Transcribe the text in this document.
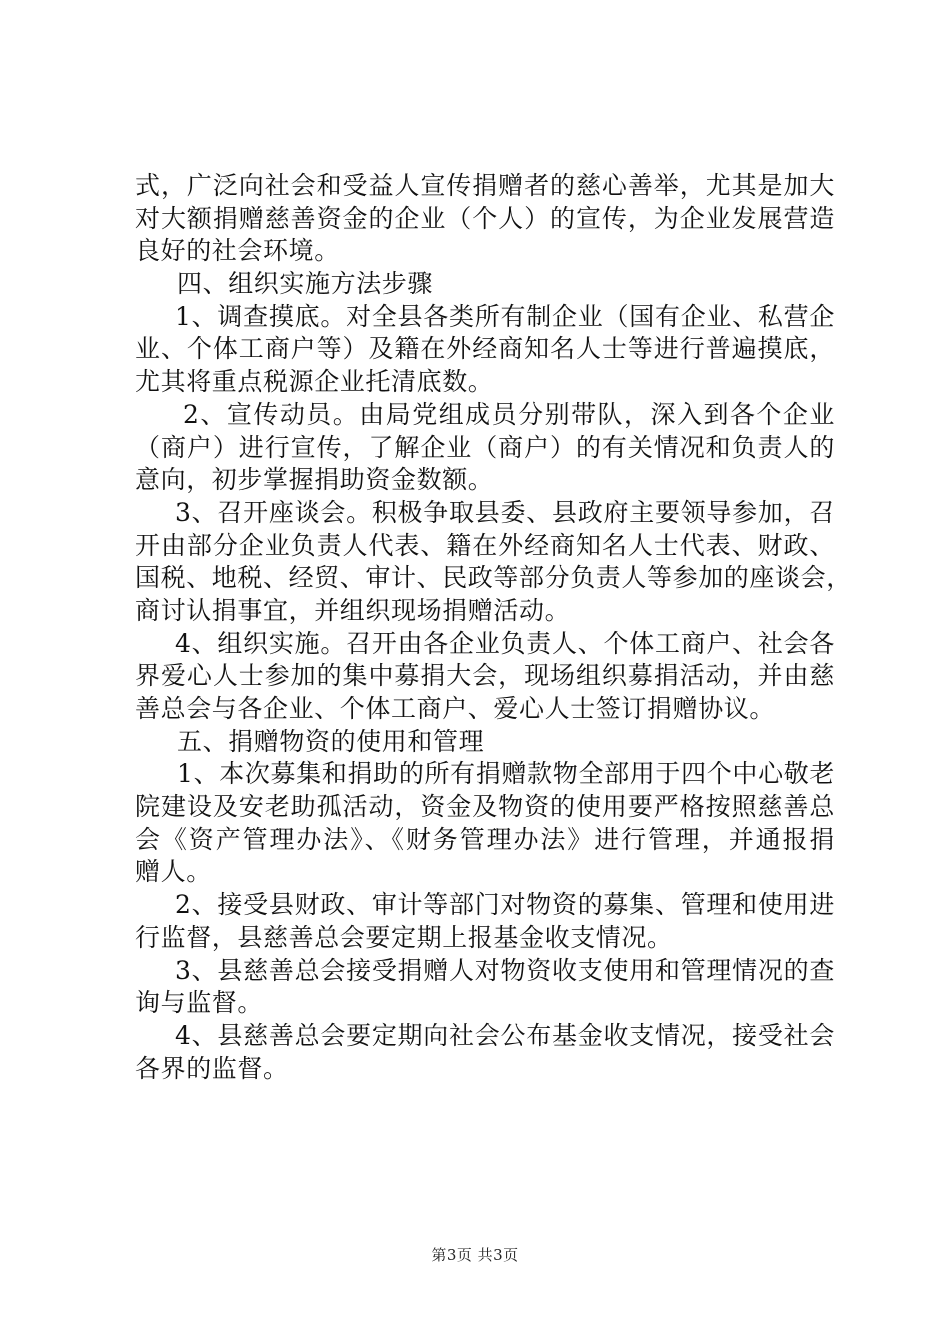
式，广泛向社会和受益人宣传捐赠者的慈心善举，尤其是加大
对大额捐赠慈善资金的企业（个人）的宣传，为企业发展营造
良好的社会环境。
四、组织实施方法步骤
1、调查摸底。对全县各类所有制企业（国有企业、私营企
业、个体工商户等）及籍在外经商知名人士等进行普遍摸底，
尤其将重点税源企业托清底数。
2、宣传动员。由局党组成员分别带队，深入到各个企业
（商户）进行宣传，了解企业（商户）的有关情况和负责人的
意向，初步掌握捐助资金数额。
3、召开座谈会。积极争取县委、县政府主要领导参加，召
开由部分企业负责人代表、籍在外经商知名人士代表、财政、
国税、地税、经贸、审计、民政等部分负责人等参加的座谈会，
商讨认捐事宜，并组织现场捐赠活动。
4、组织实施。召开由各企业负责人、个体工商户、社会各
界爱心人士参加的集中募捐大会，现场组织募捐活动，并由慈
善总会与各企业、个体工商户、爱心人士签订捐赠协议。
五、捐赠物资的使用和管理
1、本次募集和捐助的所有捐赠款物全部用于四个中心敬老
院建设及安老助孤活动，资金及物资的使用要严格按照慈善总
会《资产管理办法》、《财务管理办法》进行管理，并通报捐
赠人。
2、接受县财政、审计等部门对物资的募集、管理和使用进
行监督，县慈善总会要定期上报基金收支情况。
3、县慈善总会接受捐赠人对物资收支使用和管理情况的查
询与监督。
4、县慈善总会要定期向社会公布基金收支情况，接受社会
各界的监督。
第3页 共3页
